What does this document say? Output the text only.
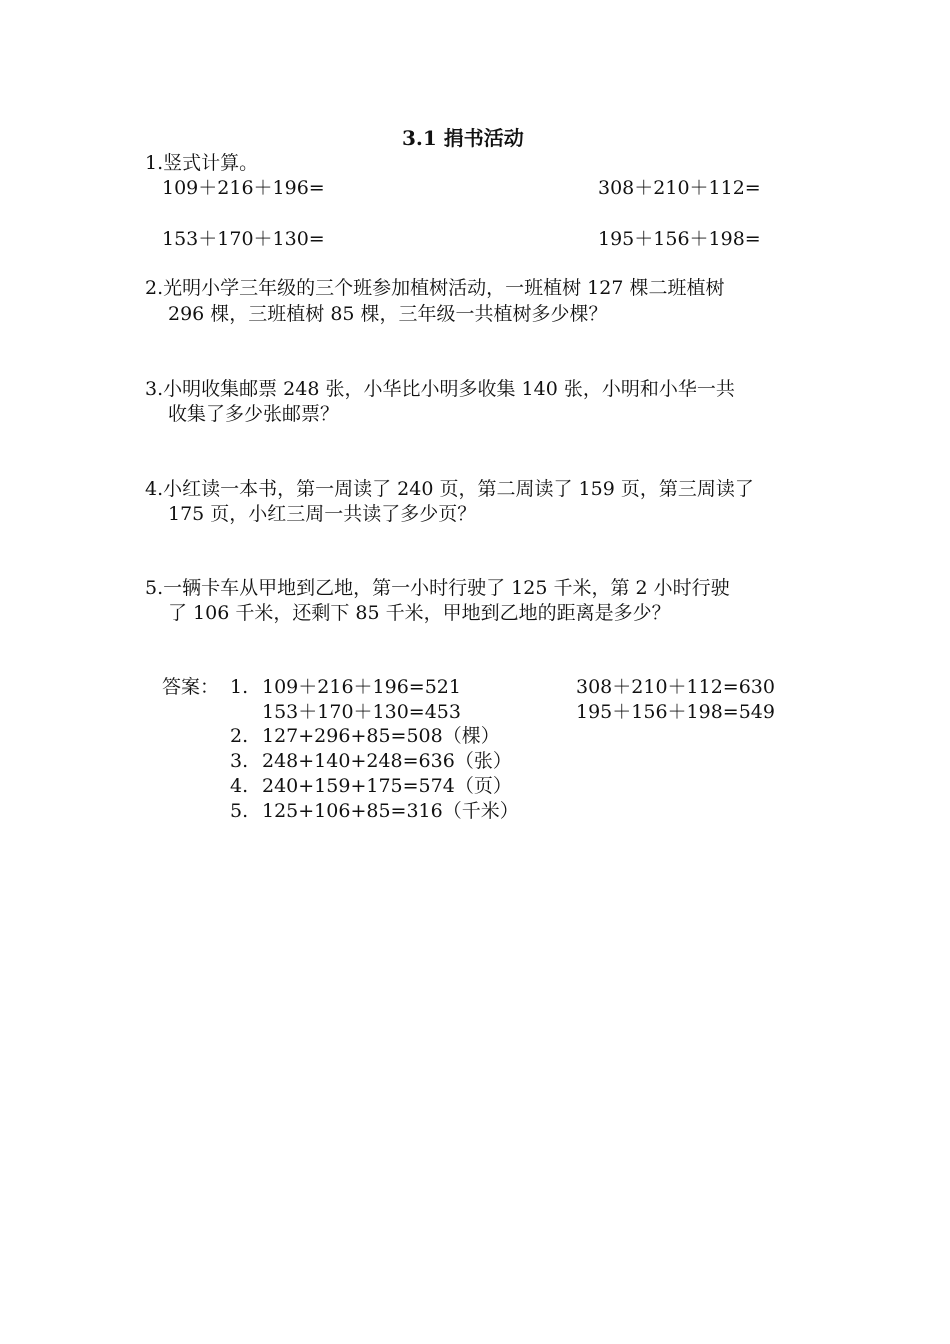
3.1 捐书活动
1.竖式计算。
109＋216＋196=	308＋210＋112=
153＋170＋130=	195＋156＋198=
2.光明小学三年级的三个班参加植树活动，一班植树 127 棵二班植树
296 棵，三班植树 85 棵，三年级一共植树多少棵？
3.小明收集邮票 248 张，小华比小明多收集 140 张，小明和小华一共
收集了多少张邮票？
4.小红读一本书，第一周读了 240 页，第二周读了 159 页，第三周读了
175 页，小红三周一共读了多少页？
5.一辆卡车从甲地到乙地，第一小时行驶了 125 千米，第 2 小时行驶
了 106 千米，还剩下 85 千米，甲地到乙地的距离是多少？
答案： 1. 109＋216＋196=521	308＋210＋112=630
153＋170＋130=453	195＋156＋198=549
2. 127+296+85=508（棵）
3. 248+140+248=636（张）
4. 240+159+175=574（页）
5. 125+106+85=316（千米）
